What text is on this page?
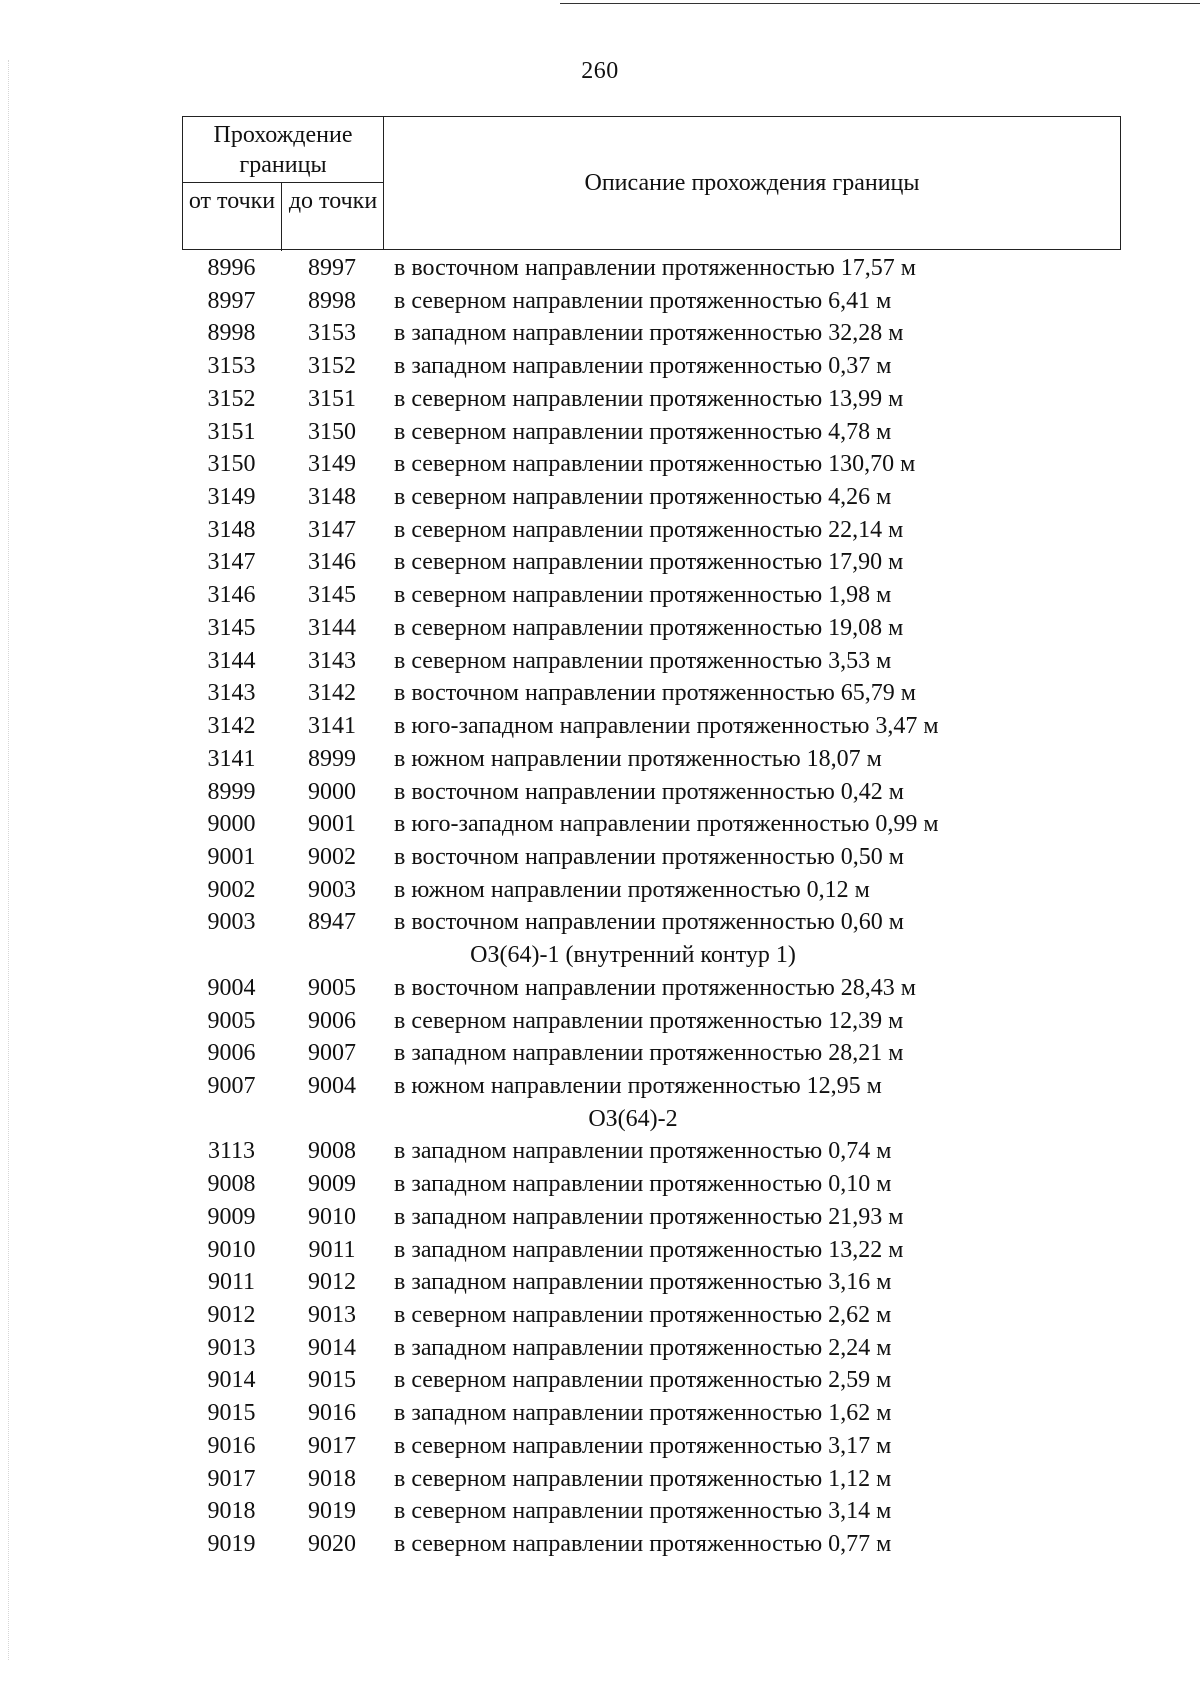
260
Прохождение границы
от точки до точки
Описание прохождения границы
8996	8997	в восточном направлении протяженностью 17,57 м
8997	8998	в северном направлении протяженностью 6,41 м
8998	3153	в западном направлении протяженностью 32,28 м
3153	3152	в западном направлении протяженностью 0,37 м
3152	3151	в северном направлении протяженностью 13,99 м
3151	3150	в северном направлении протяженностью 4,78 м
3150	3149	в северном направлении протяженностью 130,70 м
3149	3148	в северном направлении протяженностью 4,26 м
3148	3147	в северном направлении протяженностью 22,14 м
3147	3146	в северном направлении протяженностью 17,90 м
3146	3145	в северном направлении протяженностью 1,98 м
3145	3144	в северном направлении протяженностью 19,08 м
3144	3143	в северном направлении протяженностью 3,53 м
3143	3142	в восточном направлении протяженностью 65,79 м
3142	3141	в юго-западном направлении протяженностью 3,47 м
3141	8999	в южном направлении протяженностью 18,07 м
8999	9000	в восточном направлении протяженностью 0,42 м
9000	9001	в юго-западном направлении протяженностью 0,99 м
9001	9002	в восточном направлении протяженностью 0,50 м
9002	9003	в южном направлении протяженностью 0,12 м
9003	8947	в восточном направлении протяженностью 0,60 м
ОЗ(64)-1 (внутренний контур 1)
9004	9005	в восточном направлении протяженностью 28,43 м
9005	9006	в северном направлении протяженностью 12,39 м
9006	9007	в западном направлении протяженностью 28,21 м
9007	9004	в южном направлении протяженностью 12,95 м
ОЗ(64)-2
3113	9008	в западном направлении протяженностью 0,74 м
9008	9009	в западном направлении протяженностью 0,10 м
9009	9010	в западном направлении протяженностью 21,93 м
9010	9011	в западном направлении протяженностью 13,22 м
9011	9012	в западном направлении протяженностью 3,16 м
9012	9013	в северном направлении протяженностью 2,62 м
9013	9014	в западном направлении протяженностью 2,24 м
9014	9015	в северном направлении протяженностью 2,59 м
9015	9016	в западном направлении протяженностью 1,62 м
9016	9017	в северном направлении протяженностью 3,17 м
9017	9018	в северном направлении протяженностью 1,12 м
9018	9019	в северном направлении протяженностью 3,14 м
9019	9020	в северном направлении протяженностью 0,77 м
